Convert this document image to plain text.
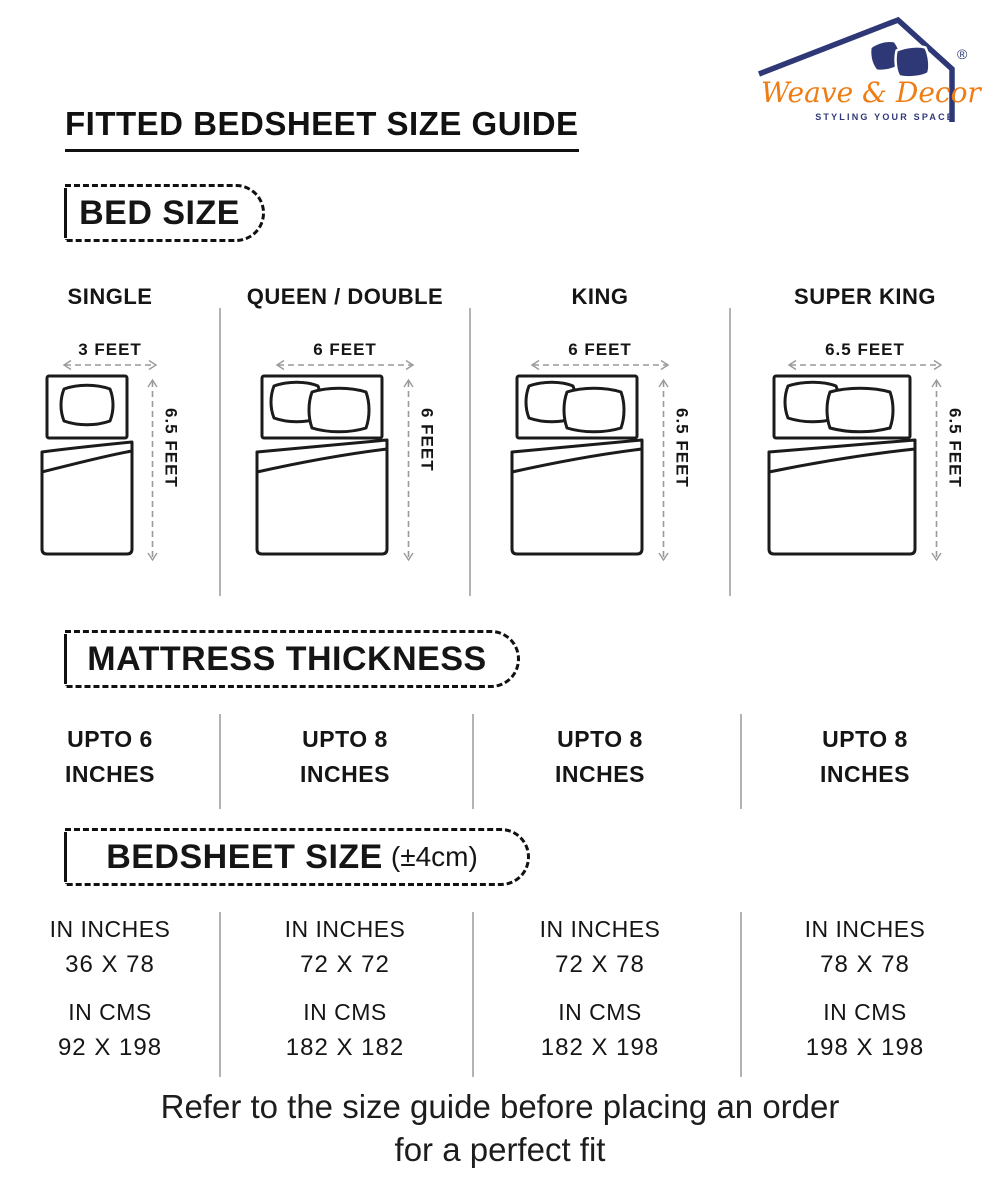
Weave & Decor
®
STYLING YOUR SPACE
FITTED BEDSHEET SIZE GUIDE
BED SIZE
MATTRESS THICKNESS
BEDSHEET SIZE (±4cm)
SINGLE
3 FEET
6.5 FEET
QUEEN / DOUBLE
6 FEET
6 FEET
KING
6 FEET
6.5 FEET
SUPER KING
6.5 FEET
6.5 FEET
UPTO 6
INCHES
UPTO 8
INCHES
UPTO 8
INCHES
UPTO 8
INCHES
IN INCHES
36 X 78
IN CMS
92 X 198
IN INCHES
72 X 72
IN CMS
182 X 182
IN INCHES
72 X 78
IN CMS
182 X 198
IN INCHES
78 X 78
IN CMS
198 X 198
Refer to the size guide before placing an order
for a perfect fit
